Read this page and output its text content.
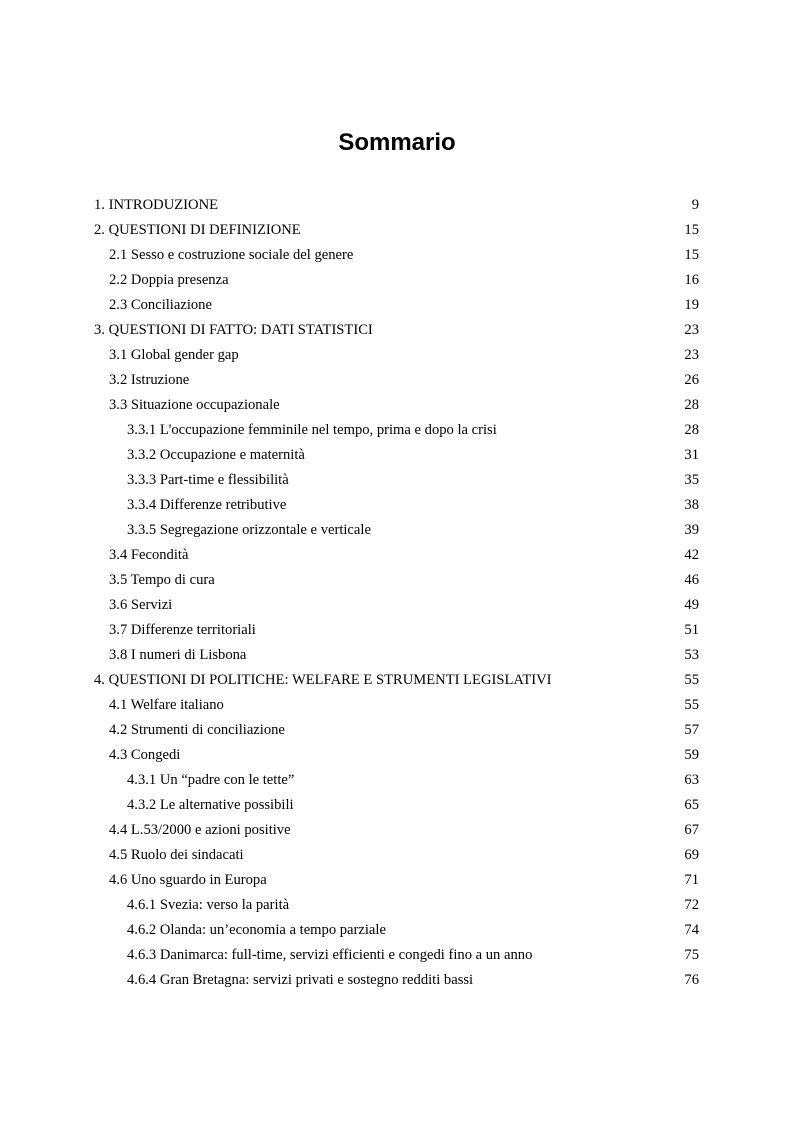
Sommario
1. INTRODUZIONE	9
2. QUESTIONI DI DEFINIZIONE	15
2.1 Sesso e costruzione sociale del genere	15
2.2 Doppia presenza	16
2.3 Conciliazione	19
3. QUESTIONI DI FATTO: DATI STATISTICI	23
3.1 Global gender gap	23
3.2 Istruzione	26
3.3 Situazione occupazionale	28
3.3.1 L'occupazione femminile nel tempo, prima e dopo la crisi	28
3.3.2 Occupazione e maternità	31
3.3.3 Part-time e flessibilità	35
3.3.4 Differenze retributive	38
3.3.5 Segregazione orizzontale e verticale	39
3.4 Fecondità	42
3.5 Tempo di cura	46
3.6 Servizi	49
3.7 Differenze territoriali	51
3.8 I numeri di Lisbona	53
4. QUESTIONI DI POLITICHE: WELFARE E STRUMENTI LEGISLATIVI	55
4.1 Welfare italiano	55
4.2 Strumenti di conciliazione	57
4.3 Congedi	59
4.3.1 Un “padre con le tette”	63
4.3.2 Le alternative possibili	65
4.4 L.53/2000 e azioni positive	67
4.5 Ruolo dei sindacati	69
4.6 Uno sguardo in Europa	71
4.6.1 Svezia: verso la parità	72
4.6.2 Olanda: un’economia a tempo parziale	74
4.6.3 Danimarca: full-time, servizi efficienti e congedi fino a un anno	75
4.6.4 Gran Bretagna: servizi privati e sostegno redditi bassi	76
